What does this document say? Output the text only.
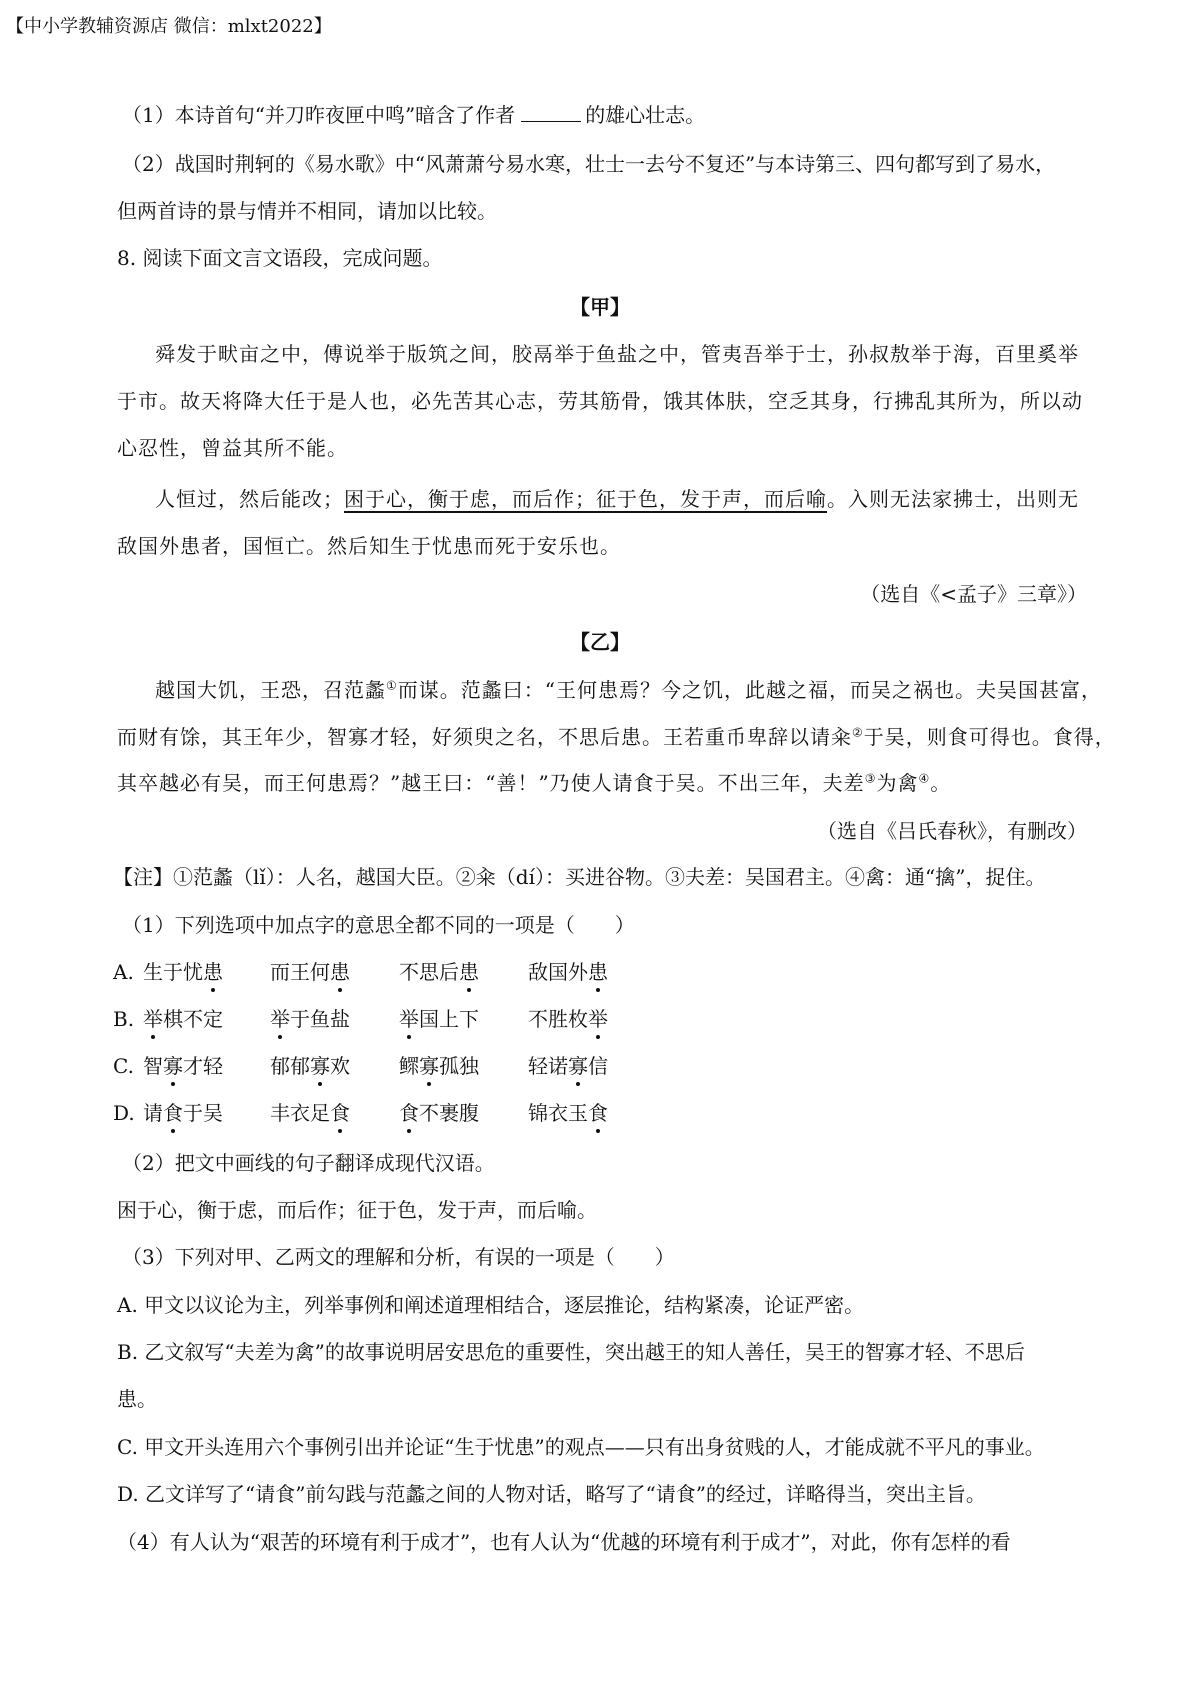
【中小学教辅资源店 微信：mlxt2022】
（1）本诗首句“并刀昨夜匣中鸣”暗含了作者	的雄心壮志。
（2）战国时荆轲的《易水歌》中“风萧萧兮易水寒，壮士一去兮不复还”与本诗第三、四句都写到了易水，
但两首诗的景与情并不相同，请加以比较。
8. 阅读下面文言文语段，完成问题。
【甲】
舜发于畎亩之中，傅说举于版筑之间，胶鬲举于鱼盐之中，管夷吾举于士，孙叔敖举于海，百里奚举
于市。故天将降大任于是人也，必先苦其心志，劳其筋骨，饿其体肤，空乏其身，行拂乱其所为，所以动
心忍性，曾益其所不能。
人恒过，然后能改；困于心，衡于虑，而后作；征于色，发于声，而后喻。入则无法家拂士，出则无
敌国外患者，国恒亡。然后知生于忧患而死于安乐也。
（选自《<孟子》三章》）
【乙】
越国大饥，王恐，召范蠡①而谋。范蠡曰：“王何患焉？今之饥，此越之福，而吴之祸也。夫吴国甚富，
而财有馀，其王年少，智寡才轻，好须臾之名，不思后患。王若重币卑辞以请籴②于吴，则食可得也。食得，
其卒越必有吴，而王何患焉？”越王曰：“善！”乃使人请食于吴。不出三年，夫差③为禽④。
（选自《吕氏春秋》，有删改）
【注】①范蠡（lǐ）：人名，越国大臣。②籴（dí）：买进谷物。③夫差：吴国君主。④禽：通“擒”，捉住。
（1）下列选项中加点字的意思全都不同的一项是（　　）
A. 生于忧患 而王何患 不思后患 敌国外患
B. 举棋不定 举于鱼盐 举国上下 不胜枚举
C. 智寡才轻 郁郁寡欢 鳏寡孤独 轻诺寡信
D. 请食于吴 丰衣足食 食不裹腹 锦衣玉食
（2）把文中画线的句子翻译成现代汉语。
困于心，衡于虑，而后作；征于色，发于声，而后喻。
（3）下列对甲、乙两文的理解和分析，有误的一项是（　　）
A. 甲文以议论为主，列举事例和阐述道理相结合，逐层推论，结构紧凑，论证严密。
B. 乙文叙写“夫差为禽”的故事说明居安思危的重要性，突出越王的知人善任，吴王的智寡才轻、不思后
患。
C. 甲文开头连用六个事例引出并论证“生于忧患”的观点——只有出身贫贱的人，才能成就不平凡的事业。
D. 乙文详写了“请食”前勾践与范蠡之间的人物对话，略写了“请食”的经过，详略得当，突出主旨。
（4）有人认为“艰苦的环境有利于成才”，也有人认为“优越的环境有利于成才”，对此，你有怎样的看
